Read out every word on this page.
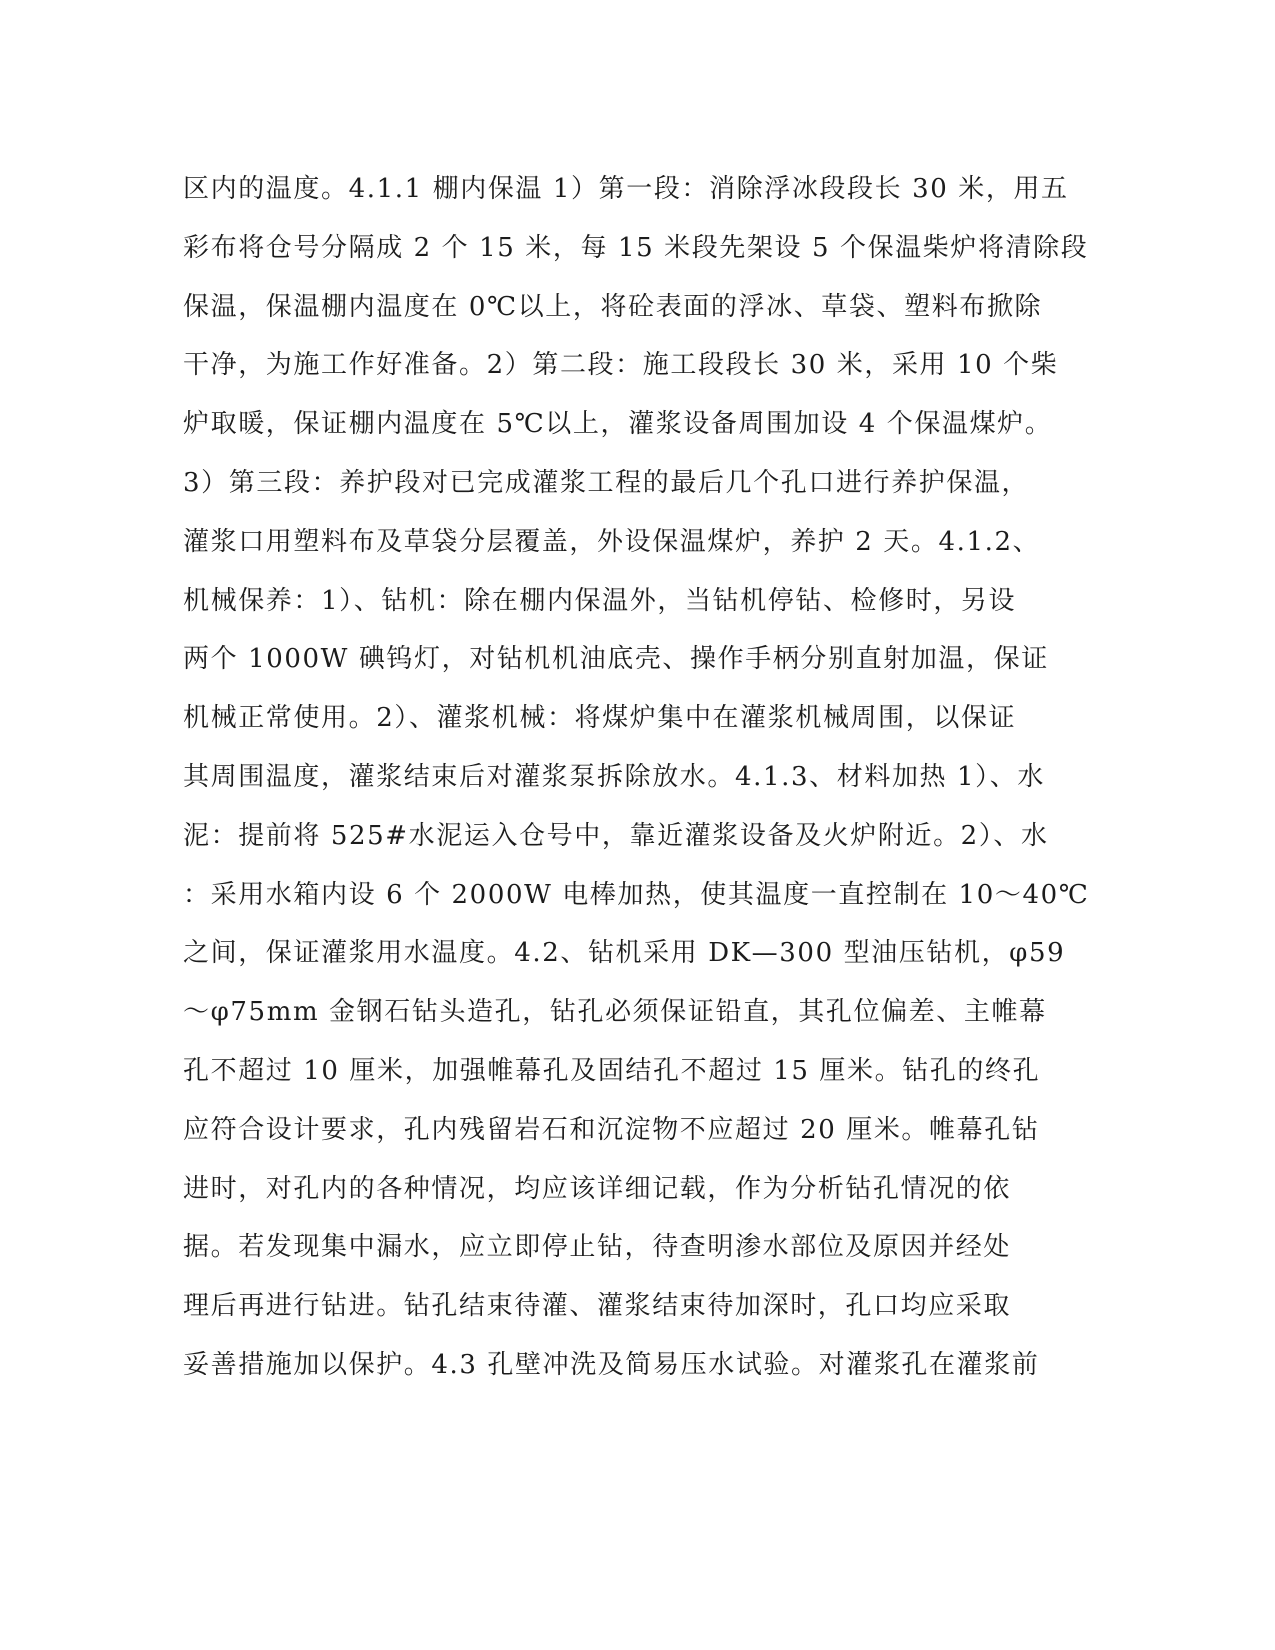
区内的温度。4.1.1 棚内保温 1）第一段：消除浮冰段段长 30 米，用五
彩布将仓号分隔成 2 个 15 米，每 15 米段先架设 5 个保温柴炉将清除段
保温，保温棚内温度在 0℃以上，将砼表面的浮冰、草袋、塑料布掀除
干净，为施工作好准备。2）第二段：施工段段长 30 米，采用 10 个柴
炉取暖，保证棚内温度在 5℃以上，灌浆设备周围加设 4 个保温煤炉。
3）第三段：养护段对已完成灌浆工程的最后几个孔口进行养护保温，
灌浆口用塑料布及草袋分层覆盖，外设保温煤炉，养护 2 天。4.1.2、
机械保养：1）、钻机：除在棚内保温外，当钻机停钻、检修时，另设
两个 1000W 碘钨灯，对钻机机油底壳、操作手柄分别直射加温，保证
机械正常使用。2）、灌浆机械：将煤炉集中在灌浆机械周围，以保证
其周围温度，灌浆结束后对灌浆泵拆除放水。4.1.3、材料加热 1）、水
泥：提前将 525#水泥运入仓号中，靠近灌浆设备及火炉附近。2）、水
：采用水箱内设 6 个 2000W 电棒加热，使其温度一直控制在 10～40℃
之间，保证灌浆用水温度。4.2、钻机采用 DK—300 型油压钻机，φ59
～φ75mm 金钢石钻头造孔，钻孔必须保证铅直，其孔位偏差、主帷幕
孔不超过 10 厘米，加强帷幕孔及固结孔不超过 15 厘米。钻孔的终孔
应符合设计要求，孔内残留岩石和沉淀物不应超过 20 厘米。帷幕孔钻
进时，对孔内的各种情况，均应该详细记载，作为分析钻孔情况的依
据。若发现集中漏水，应立即停止钻，待查明渗水部位及原因并经处
理后再进行钻进。钻孔结束待灌、灌浆结束待加深时，孔口均应采取
妥善措施加以保护。4.3 孔壁冲洗及简易压水试验。对灌浆孔在灌浆前
